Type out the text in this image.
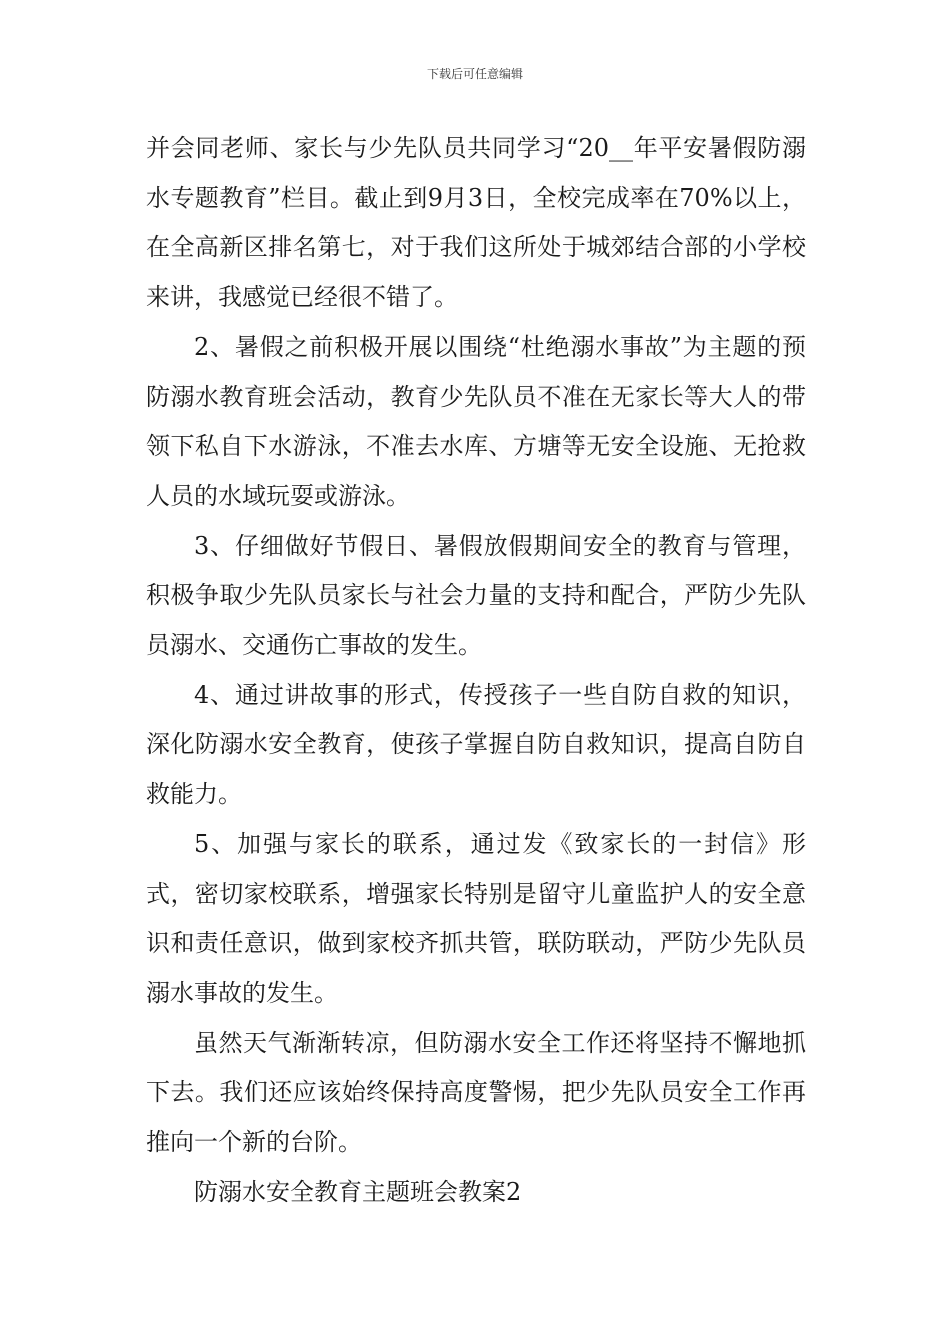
下载后可任意编辑

并会同老师、家长与少先队员共同学习“20__年平安暑假防溺水专题教育”栏目。截止到9月3日，全校完成率在70%以上，在全高新区排名第七，对于我们这所处于城郊结合部的小学校来讲，我感觉已经很不错了。

2、暑假之前积极开展以围绕“杜绝溺水事故”为主题的预防溺水教育班会活动，教育少先队员不准在无家长等大人的带领下私自下水游泳，不准去水库、方塘等无安全设施、无抢救人员的水域玩耍或游泳。

3、仔细做好节假日、暑假放假期间安全的教育与管理，积极争取少先队员家长与社会力量的支持和配合，严防少先队员溺水、交通伤亡事故的发生。

4、通过讲故事的形式，传授孩子一些自防自救的知识，深化防溺水安全教育，使孩子掌握自防自救知识，提高自防自救能力。

5、加强与家长的联系，通过发《致家长的一封信》形式，密切家校联系，增强家长特别是留守儿童监护人的安全意识和责任意识，做到家校齐抓共管，联防联动，严防少先队员溺水事故的发生。

虽然天气渐渐转凉，但防溺水安全工作还将坚持不懈地抓下去。我们还应该始终保持高度警惕，把少先队员安全工作再推向一个新的台阶。

防溺水安全教育主题班会教案2
